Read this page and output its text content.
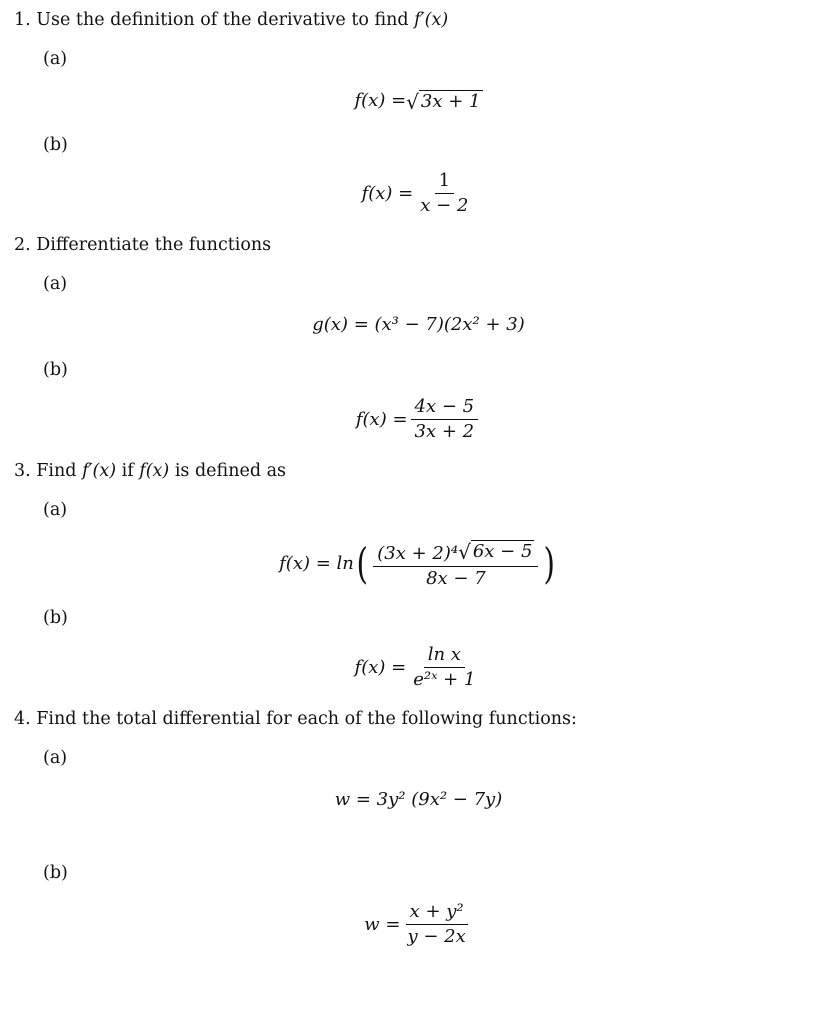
1. Use the definition of the derivative to find f′(x)
(a)
f(x) = √ 3x + 1
(b)
$f(x) = \frac{1}{x - 2}$
2. Differentiate the functions
(a)
g(x) = (x³ − 7)(2x² + 3)
(b)
$f(x) = \frac{4x - 5}{3x + 2}$
3. Find f′(x) if f(x) is defined as
(a)
f(x) = ln ( $\frac{\text{(3x + 2)⁴ √ 6x − 5}}{8x - 7}$ )
(b)
$f(x) = \frac{\text{ln x}}{\text{e²ˣ + 1}}$
4. Find the total differential for each of the following functions:
(a)
w = 3y² (9x² − 7y)
(b)
$w = \frac{\text{x + y²}}{y - 2x}$
